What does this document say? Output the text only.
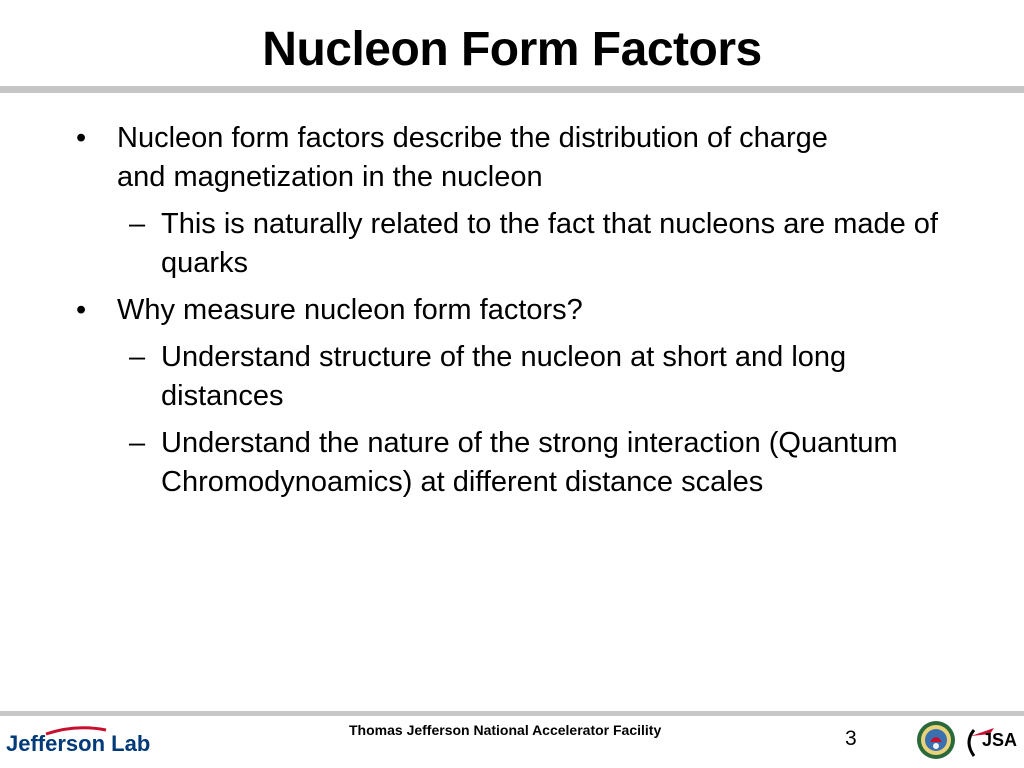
Nucleon Form Factors
• Nucleon form factors describe the distribution of charge and magnetization in the nucleon
– This is naturally related to the fact that nucleons are made of quarks
• Why measure nucleon form factors?
– Understand structure of the nucleon at short and long distances
– Understand the nature of the strong interaction (Quantum Chromodynoamics) at different distance scales
Jefferson Lab
Thomas Jefferson National Accelerator Facility	3	JSA
